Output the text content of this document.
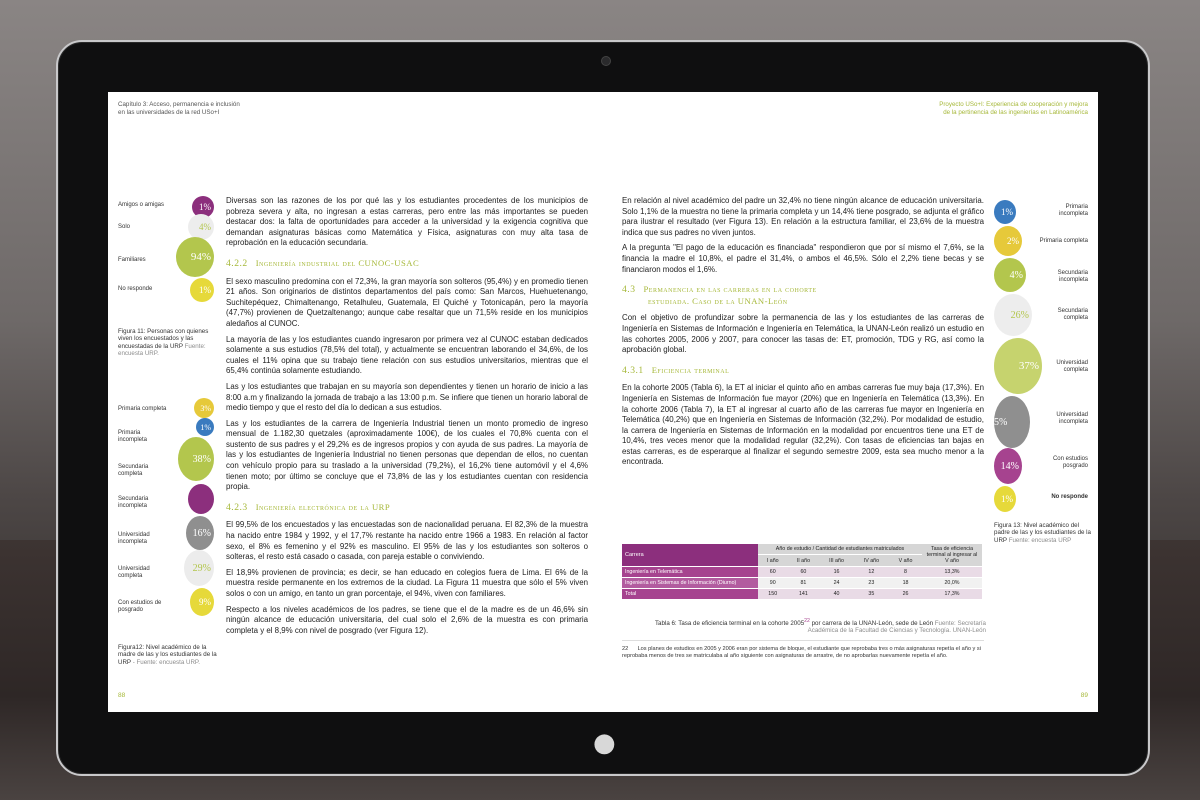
Capítulo 3: Acceso, permanencia e inclusión
en las universidades de la red USo+I
Amigos o amigas
Solo
Familiares
No responde
1%
4%
94%
1%
Figura 11: Personas con quienes viven los encuestados y las encuestadas de la URP Fuente: encuesta URP.
Primaria completa
Primaria incompleta
Secundaria completa
Secundaria incompleta
Universidad incompleta
Universidad completa
Con estudios de posgrado
3%
1%
38%
16%
29%
9%
Figura12: Nivel académico de la madre de las y los estudiantes de la URP - Fuente: encuesta URP.
88

Diversas son las razones de los por qué las y los estudiantes procedentes de los municipios de pobreza severa y alta, no ingresan a estas carreras, pero entre las más importantes se pueden destacar dos: la falta de oportunidades para acceder a la universidad y la exigencia cognitiva que demandan asignaturas básicas como Matemática y Física, asignaturas con muy alta tasa de reprobación en la educación secundaria.

4.2.2 Ingeniería industrial del CUNOC-USAC

El sexo masculino predomina con el 72,3%, la gran mayoría son solteros (95,4%) y en promedio tienen 21 años. Son originarios de distintos departamentos del país como: San Marcos, Huehuetenango, Suchitepéquez, Chimaltenango, Retalhuleu, Guatemala, El Quiché y Totonicapán, pero la mayoría (47,7%) provienen de Quetzaltenango; aunque cabe resaltar que un 71,5% reside en los municipios aledaños al CUNOC.

La mayoría de las y los estudiantes cuando ingresaron por primera vez al CUNOC estaban dedicados solamente a sus estudios (78,5% del total), y actualmente se encuentran laborando el 34,6%, de los cuales el 11% opina que su trabajo tiene relación con sus estudios universitarios, mientras que el 65,4% continúa solamente estudiando.

Las y los estudiantes que trabajan en su mayoría son dependientes y tienen un horario de inicio a las 8:00 a.m y finalizando la jornada de trabajo a las 13:00 p.m. Se infiere que tienen un horario laboral de medio tiempo y que el resto del día lo dedican a sus estudios.

Las y los estudiantes de la carrera de Ingeniería Industrial tienen un monto promedio de ingreso mensual de 1.182,30 quetzales (aproximadamente 100€), de los cuales el 70,8% cuenta con el sustento de sus padres y el 29,2% es de ingresos propios y con ayuda de sus padres. La mayoría de las y los estudiantes de Ingeniería Industrial no tienen personas que dependan de ellos, no cuentan con vehículo propio para su traslado a la universidad (79,2%), el 16,2% tiene automóvil y el 4,6% tienen moto; por último se concluye que el 73,8% de las y los estudiantes cuentan con residencia propia.

4.2.3 Ingeniería electrónica de la URP

El 99,5% de los encuestados y las encuestadas son de nacionalidad peruana. El 82,3% de la muestra ha nacido entre 1984 y 1992, y el 17,7% restante ha nacido entre 1966 a 1983. En relación al factor sexo, el 8% es femenino y el 92% es masculino. El 95% de las y los estudiantes son solteros o solteras, el resto está casado o casada, con pareja estable o conviviendo.

El 18,9% provienen de provincia; es decir, se han educado en colegios fuera de Lima. El 6% de la muestra reside permanente en los extremos de la ciudad. La Figura 11 muestra que sólo el 5% viven solos o con un amigo, en tanto un gran porcentaje, el 94%, viven con familiares.

Respecto a los niveles académicos de los padres, se tiene que el de la madre es de un 46,6% sin ningún alcance de educación universitaria, del cual solo el 2,6% de la muestra es con primaria completa y el 8,9% con nivel de posgrado (ver Figura 12).

Proyecto USo+I: Experiencia de cooperación y mejora
de la pertinencia de las ingenierías en Latinoamérica

En relación al nivel académico del padre un 32,4% no tiene ningún alcance de educación universitaria. Solo 1,1% de la muestra no tiene la primaria completa y un 14,4% tiene posgrado, se adjunta el gráfico para ilustrar el resultado (ver Figura 13). En relación a la estructura familiar, el 23,6% de la muestra indica que sus padres no viven juntos.

A la pregunta "El pago de la educación es financiada" respondieron que por sí mismo el 7,6%, se la financia la madre el 10,8%, el padre el 31,4%, o ambos el 46,5%. Sólo el 2,2% tiene becas y se financiaron modos el 1,6%.

4.3 Permanencia en las carreras en la cohorte
estudiada. Caso de la UNAN-León

Con el objetivo de profundizar sobre la permanencia de las y los estudiantes de las carreras de Ingeniería en Sistemas de Información e Ingeniería en Telemática, la UNAN-León realizó un estudio en las cohortes 2005, 2006 y 2007, para conocer las tasas de: ET, promoción, TDG y RG, así como la aprobación global.

4.3.1 Eficiencia terminal

En la cohorte 2005 (Tabla 6), la ET al iniciar el quinto año en ambas carreras fue muy baja (17,3%). En Ingeniería en Sistemas de Información fue mayor (20%) que en Ingeniería en Telemática (13,3%). En la cohorte 2006 (Tabla 7), la ET al ingresar al cuarto año de las carreras fue mayor en Ingeniería en Telemática (40,2%) que en Ingeniería en Sistemas de Información (32,2%). Por modalidad de estudio, la carrera de Ingeniería en Sistemas de Información en la modalidad por encuentros tiene una ET de 10,4%, tres veces menor que la modalidad regular (32,2%). Con tasas de eficiencias tan bajas en estas carreras, es de esperarque al finalizar el segundo semestre 2009, esta sea mucho menor a la encontrada.

Carrera	Año de estudio / Cantidad de estudiantes matriculados					Tasa de eficiencia terminal al ingresar al V año
	I año	II año	III año	IV año	V año	
Ingeniería en Telemática	60	60	16	12	8	13,3%
Ingeniería en Sistemas de Información (Diurno)	90	81	24	23	18	20,0%
Total	150	141	40	35	26	17,3%
Tabla 6: Tasa de eficiencia terminal en la cohorte 2005$^{22}$ por carrera de la UNAN-León, sede de León Fuente: Secretaría Académica de la Facultad de Ciencias y Tecnología. UNAN-León
22 Los planes de estudios en 2005 y 2006 eran por sistema de bloque, el estudiante que reprobaba tres o más asignaturas repetía el año y si reprobaba menos de tres se matriculaba al año siguiente con asignaturas de arrastre, de no aprobarlas nuevamente repetía el año.
1%
2%
4%
26%
37%
5%
14%
1%
Primaria incompleta
Primaria completa
Secundaria incompleta
Secundaria completa
Universidad completa
Universidad incompleta
Con estudios posgrado
No responde
Figura 13: Nivel académico del padre de las y los estudiantes de la URP Fuente: encuesta URP
89
●
